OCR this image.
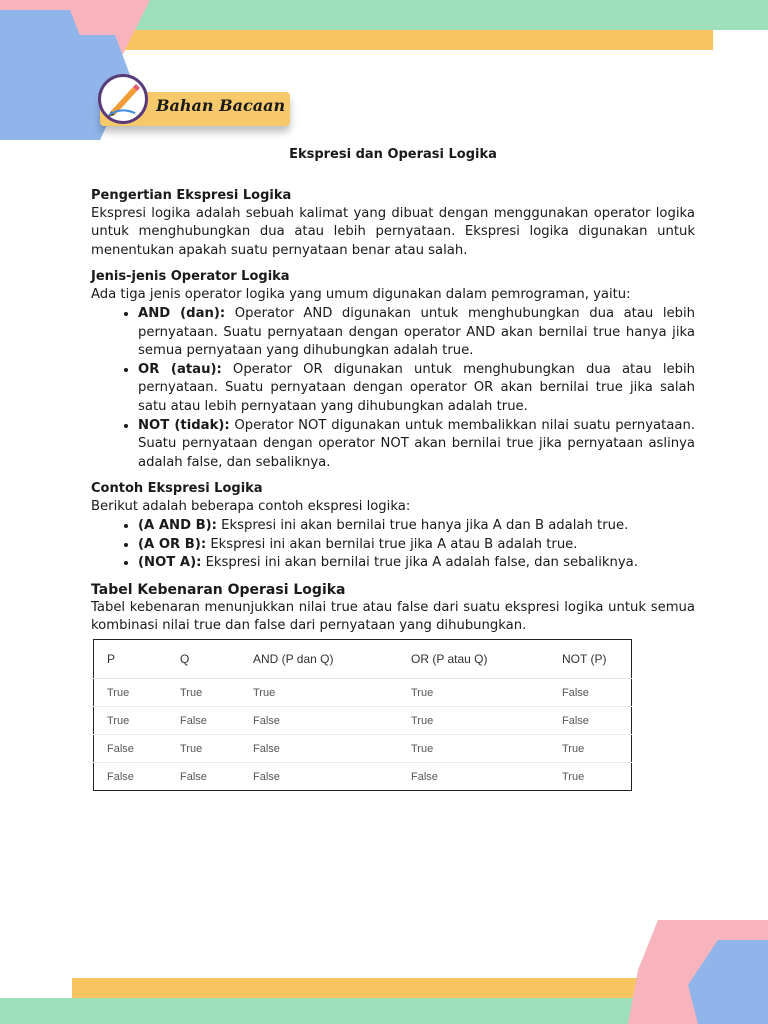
Bahan Bacaan
Ekspresi dan Operasi Logika
Pengertian Ekspresi Logika

Ekspresi logika adalah sebuah kalimat yang dibuat dengan menggunakan operator logika untuk menghubungkan dua atau lebih pernyataan. Ekspresi logika digunakan untuk menentukan apakah suatu pernyataan benar atau salah.

Jenis-jenis Operator Logika

Ada tiga jenis operator logika yang umum digunakan dalam pemrograman, yaitu:

• AND (dan): Operator AND digunakan untuk menghubungkan dua atau lebih pernyataan. Suatu pernyataan dengan operator AND akan bernilai true hanya jika semua pernyataan yang dihubungkan adalah true.
• OR (atau): Operator OR digunakan untuk menghubungkan dua atau lebih pernyataan. Suatu pernyataan dengan operator OR akan bernilai true jika salah satu atau lebih pernyataan yang dihubungkan adalah true.
• NOT (tidak): Operator NOT digunakan untuk membalikkan nilai suatu pernyataan. Suatu pernyataan dengan operator NOT akan bernilai true jika pernyataan aslinya adalah false, dan sebaliknya.
Contoh Ekspresi Logika

Berikut adalah beberapa contoh ekspresi logika:

• (A AND B): Ekspresi ini akan bernilai true hanya jika A dan B adalah true.
• (A OR B): Ekspresi ini akan bernilai true jika A atau B adalah true.
• (NOT A): Ekspresi ini akan bernilai true jika A adalah false, dan sebaliknya.
Tabel Kebenaran Operasi Logika

Tabel kebenaran menunjukkan nilai true atau false dari suatu ekspresi logika untuk semua kombinasi nilai true dan false dari pernyataan yang dihubungkan.

P	Q	AND (P dan Q)	OR (P atau Q)	NOT (P)
True	True	True	True	False
True	False	False	True	False
False	True	False	True	True
False	False	False	False	True
